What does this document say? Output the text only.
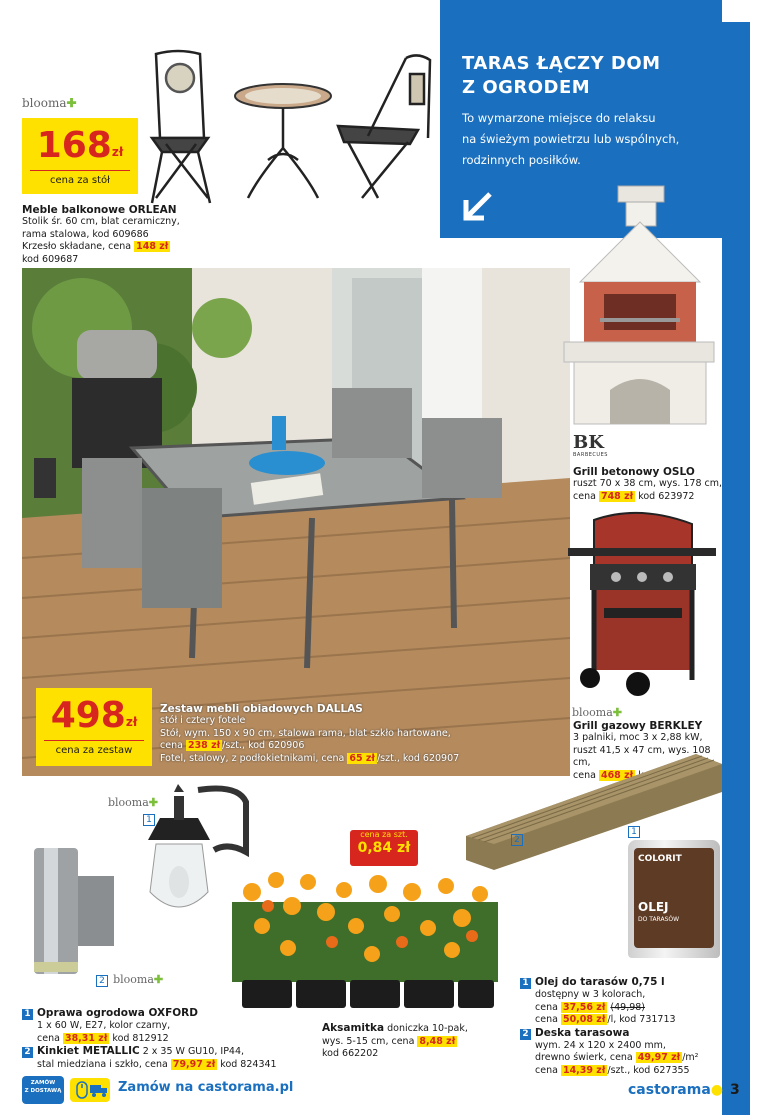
TARAS ŁĄCZY DOM
Z OGRODEM
To wymarzone miejsce do relaksu
na świeżym powietrzu lub wspólnych,
rodzinnych posiłków.
blooma✚
$168^{zł}$
cena za stół
Meble balkonowe ORLEAN
Stolik śr. 60 cm, blat ceramiczny,
rama stalowa, kod 609686
Krzesło składane, cena 148 zł
kod 609687
$498^{zł}$
cena za zestaw
Zestaw mebli obiadowych DALLAS
stół i cztery fotele
Stół, wym. 150 x 90 cm, stalowa rama, blat szkło hartowane,
cena 238 zł /szt., kod 620906
Fotel, stalowy, z podłokietnikami, cena 65 zł /szt., kod 620907
BK
BARBECUES
Grill betonowy OSLO
ruszt 70 x 38 cm, wys. 178 cm,
cena 748 zł kod 623972
blooma✚
Grill gazowy BERKLEY
3 palniki, moc 3 x 2,88 kW,
ruszt 41,5 x 47 cm, wys. 108 cm,
cena 468 zł
2
1
COLORIT
OLEJ
DO TARASÓW
blooma✚
1
2 blooma✚
1 Oprawa ogrodowa OXFORD
1 x 60 W, E27, kolor czarny,
cena 38,31 zł kod 812912
2 Kinkiet METALLIC 2 x 35 W GU10, IP44,
stal miedziana i szkło, cena 79,97 zł kod 824341
cena za szt.
0,84 zł
Aksamitka doniczka 10-pak,
wys. 5-15 cm, cena 8,48 zł
kod 662202
1 Olej do tarasów 0,75 l
dostępny w 3 kolorach,
cena 37,56 zł (49,98)
cena 50,08 zł /l, kod 731713
2 Deska tarasowa
wym. 24 x 120 x 2400 mm,
drewno świerk, cena 49,97 zł /m²
cena 14,39 zł /szt., kod 627355
ZAMÓW
Z DOSTAWĄ	Zamów na castorama.pl	castorama● 3
